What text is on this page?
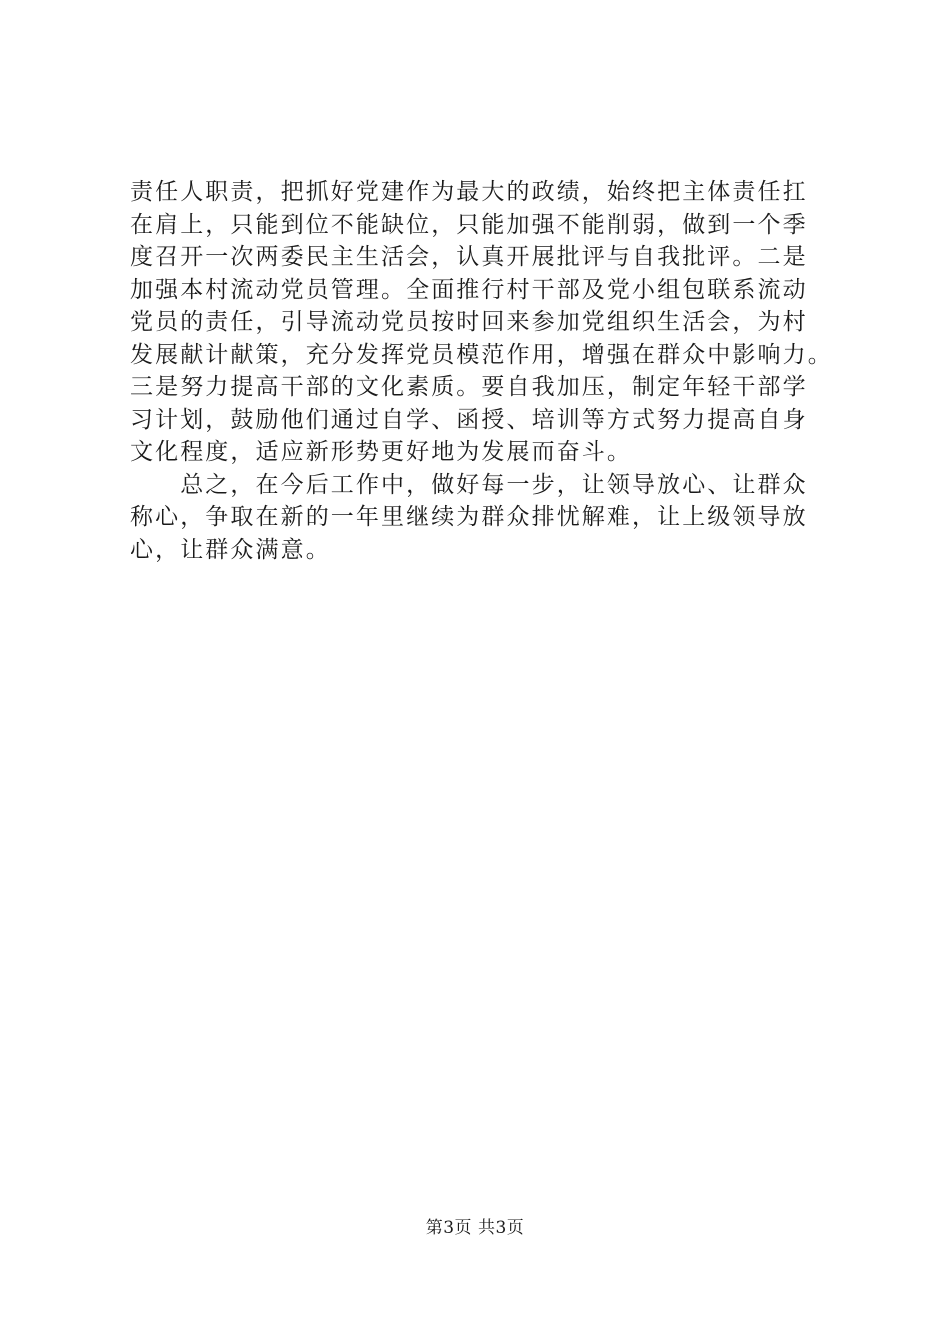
责任人职责，把抓好党建作为最大的政绩，始终把主体责任扛
在肩上，只能到位不能缺位，只能加强不能削弱，做到一个季
度召开一次两委民主生活会，认真开展批评与自我批评。二是
加强本村流动党员管理。全面推行村干部及党小组包联系流动
党员的责任，引导流动党员按时回来参加党组织生活会，为村
发展献计献策，充分发挥党员模范作用，增强在群众中影响力。
三是努力提高干部的文化素质。要自我加压，制定年轻干部学
习计划，鼓励他们通过自学、函授、培训等方式努力提高自身
文化程度，适应新形势更好地为发展而奋斗。
　　总之，在今后工作中，做好每一步，让领导放心、让群众
称心，争取在新的一年里继续为群众排忧解难，让上级领导放
心，让群众满意。
第3页 共3页
